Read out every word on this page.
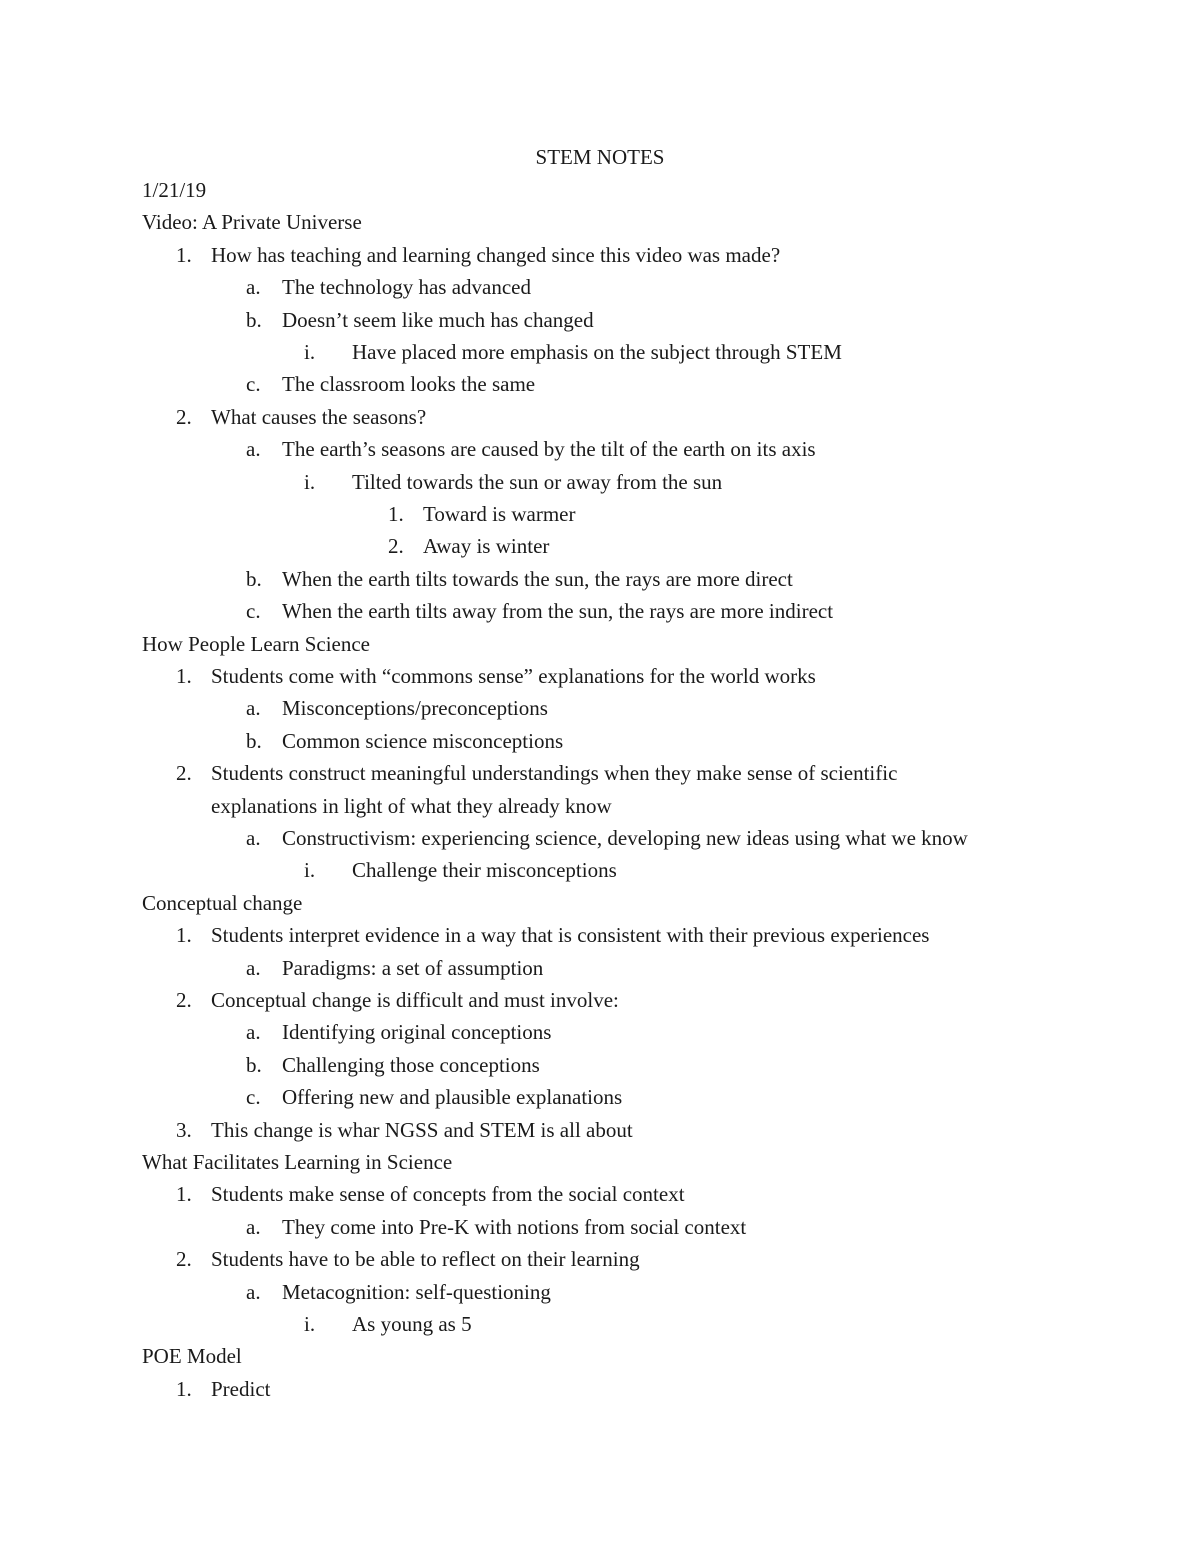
STEM NOTES
1/21/19
Video: A Private Universe
1. How has teaching and learning changed since this video was made?
a. The technology has advanced
b. Doesn’t seem like much has changed
i. Have placed more emphasis on the subject through STEM
c. The classroom looks the same
2. What causes the seasons?
a. The earth’s seasons are caused by the tilt of the earth on its axis
i. Tilted towards the sun or away from the sun
1. Toward is warmer
2. Away is winter
b. When the earth tilts towards the sun, the rays are more direct
c. When the earth tilts away from the sun, the rays are more indirect
How People Learn Science
1. Students come with “commons sense” explanations for the world works
a. Misconceptions/preconceptions
b. Common science misconceptions
2. Students construct meaningful understandings when they make sense of scientific
explanations in light of what they already know
a. Constructivism: experiencing science, developing new ideas using what we know
i. Challenge their misconceptions
Conceptual change
1. Students interpret evidence in a way that is consistent with their previous experiences
a. Paradigms: a set of assumption
2. Conceptual change is difficult and must involve:
a. Identifying original conceptions
b. Challenging those conceptions
c. Offering new and plausible explanations
3. This change is whar NGSS and STEM is all about
What Facilitates Learning in Science
1. Students make sense of concepts from the social context
a. They come into Pre-K with notions from social context
2. Students have to be able to reflect on their learning
a. Metacognition: self-questioning
i. As young as 5
POE Model
1. Predict
